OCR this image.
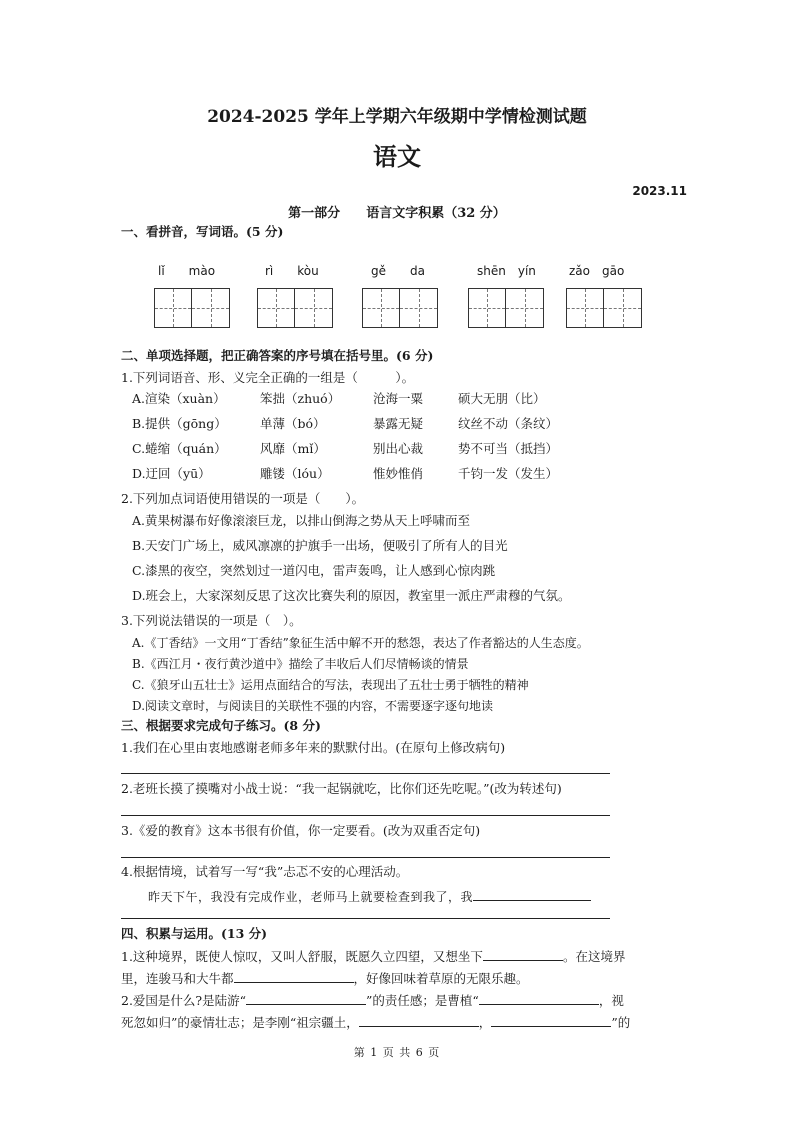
2024-2025 学年上学期六年级期中学情检测试题
语文
2023.11
第一部分 语言文字积累（32 分）
一、看拼音，写词语。(5 分)
lǐ　　mào	rì　　kòu	gě　　da	shēn　yín	zǎo　gāo
二、单项选择题，把正确答案的序号填在括号里。(6 分)
1.下列词语音、形、义完全正确的一组是（　　　）。
A.渲染（xuàn）	笨拙（zhuó）	沧海一粟	硕大无朋（比）
B.提供（gōng）	单薄（bó）	暴露无疑	纹丝不动（条纹）
C.蜷缩（quán）	风靡（mǐ）	别出心裁	势不可当（抵挡）
D.迂回（yū）	雕镂（lóu）	惟妙惟俏	千钧一发（发生）
2.下列加点词语使用错误的一项是（　　）。
A.黄果树瀑布好像滚滚巨龙，以排山倒海之势从天上呼啸而至
B.天安门广场上，威风凛凛的护旗手一出场，便吸引了所有人的目光
C.漆黑的夜空，突然划过一道闪电，雷声轰鸣，让人感到心惊肉跳
D.班会上，大家深刻反思了这次比赛失利的原因，教室里一派庄严肃穆的气氛。
3.下列说法错误的一项是（　）。
A.《丁香结》一文用“丁香结”象征生活中解不开的愁怨，表达了作者豁达的人生态度。
B.《西江月・夜行黄沙道中》描绘了丰收后人们尽情畅谈的情景
C.《狼牙山五壮士》运用点面结合的写法，表现出了五壮士勇于牺牲的精神
D.阅读文章时，与阅读目的关联性不强的内容，不需要逐字逐句地读
三、根据要求完成句子练习。(8 分)
1.我们在心里由衷地感谢老师多年来的默默付出。(在原句上修改病句)
2.老班长摸了摸嘴对小战士说：“我一起锅就吃，比你们还先吃呢。”(改为转述句)
3.《爱的教育》这本书很有价值，你一定要看。(改为双重否定句)
4.根据情境，试着写一写“我”忐忑不安的心理活动。
昨天下午，我没有完成作业，老师马上就要检查到我了，我
四、积累与运用。(13 分)
1.这种境界，既使人惊叹，又叫人舒服，既愿久立四望，又想坐下	。在这境界
里，连骏马和大牛都	，好像回味着草原的无限乐趣。
2.爱国是什么?是陆游“	”的责任感；是曹植“	，视
死忽如归”的豪情壮志；是李刚“祖宗疆土，	，	”的
第 1 页 共 6 页
